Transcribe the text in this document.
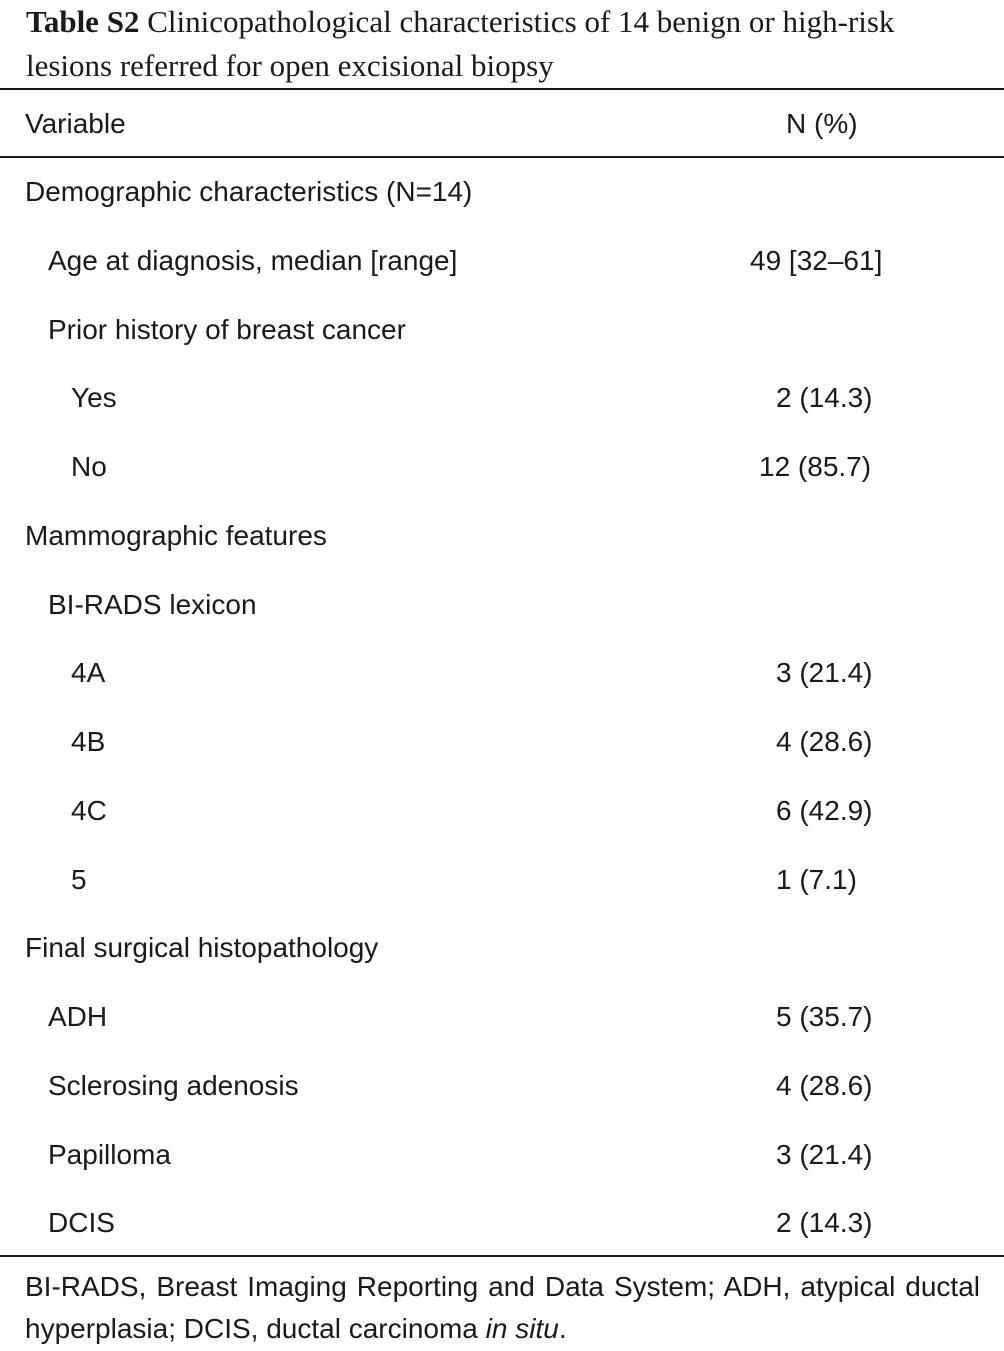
Table S2 Clinicopathological characteristics of 14 benign or high-risk lesions referred for open excisional biopsy
Variable	N (%)
Demographic characteristics (N=14)
Age at diagnosis, median [range]	49 [32–61]
Prior history of breast cancer
Yes	2 (14.3)
No	12 (85.7)
Mammographic features
BI-RADS lexicon
4A	3 (21.4)
4B	4 (28.6)
4C	6 (42.9)
5	1 (7.1)
Final surgical histopathology
ADH	5 (35.7)
Sclerosing adenosis	4 (28.6)
Papilloma	3 (21.4)
DCIS	2 (14.3)
BI-RADS, Breast Imaging Reporting and Data System; ADH, atypical ductal hyperplasia; DCIS, ductal carcinoma in situ.
